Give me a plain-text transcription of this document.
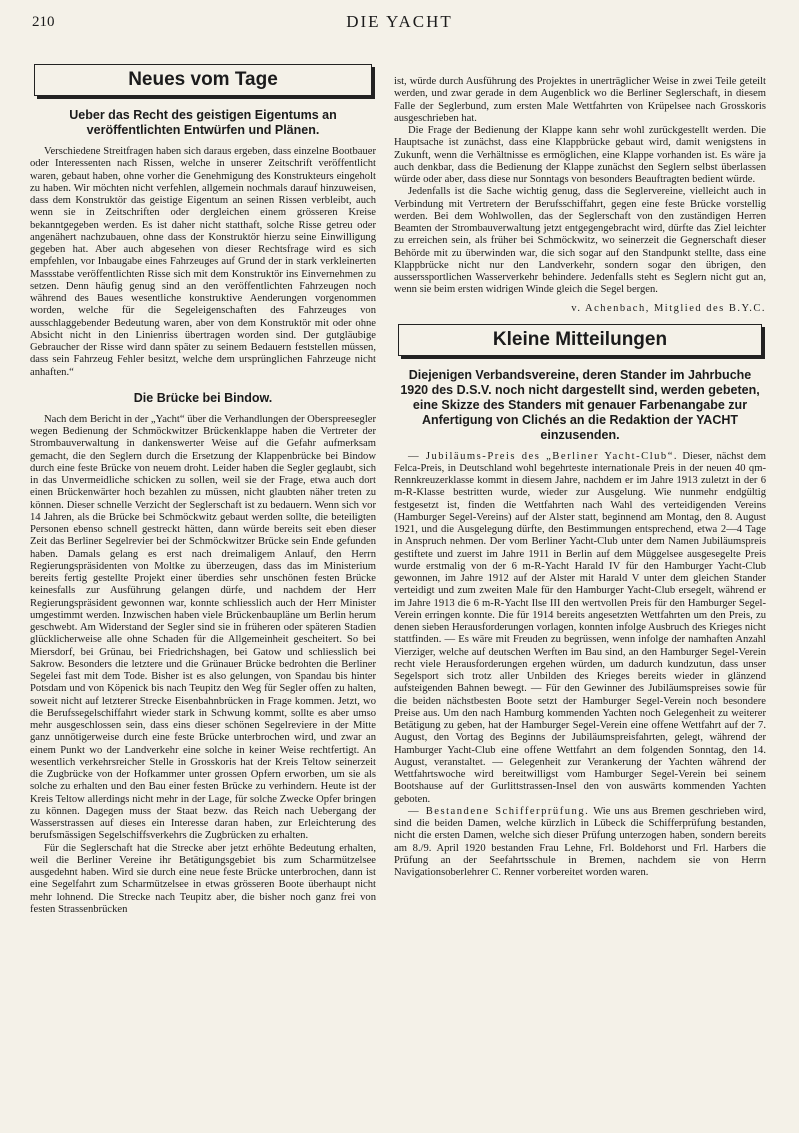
210	DIE YACHT
Neues vom Tage
Ueber das Recht des geistigen Eigentums an veröffentlichten Entwürfen und Plänen.

Verschiedene Streitfragen haben sich daraus ergeben, dass einzelne Bootbauer oder Interessenten nach Rissen, welche in unserer Zeitschrift veröffentlicht waren, gebaut haben, ohne vorher die Genehmigung des Konstrukteurs eingeholt zu haben. Wir möchten nicht verfehlen, allgemein nochmals darauf hinzuweisen, dass dem Konstruktör das geistige Eigentum an seinen Rissen verbleibt, auch wenn sie in Zeitschriften oder dergleichen einem grösseren Kreise bekanntgegeben werden. Es ist daher nicht statthaft, solche Risse getreu oder angenähert nachzubauen, ohne dass der Konstruktör hierzu seine Einwilligung gegeben hat. Aber auch abgesehen von dieser Rechtsfrage wird es sich empfehlen, vor Inbaugabe eines Fahrzeuges auf Grund der in stark verkleinerten Massstabe veröffentlichten Risse sich mit dem Konstruktör ins Einvernehmen zu setzen. Denn häufig genug sind an den veröffentlichten Fahrzeugen noch während des Baues wesentliche konstruktive Aenderungen vorgenommen worden, welche für die Segeleigenschaften des Fahrzeuges von ausschlaggebender Bedeutung waren, aber von dem Konstruktör mit oder ohne Absicht nicht in den Linienriss übertragen worden sind. Der gutgläubige Gebraucher der Risse wird dann später zu seinem Bedauern feststellen müssen, dass sein Fahrzeug Fehler besitzt, welche dem ursprünglichen Fahrzeuge nicht anhaften.“

Die Brücke bei Bindow.

Nach dem Bericht in der „Yacht“ über die Verhandlungen der Oberspreesegler wegen Bedienung der Schmöckwitzer Brückenklappe haben die Vertreter der Strombauverwaltung in dankenswerter Weise auf die Gefahr aufmerksam gemacht, die den Seglern durch die Ersetzung der Klappenbrücke bei Bindow durch eine feste Brücke von neuem droht. Leider haben die Segler geglaubt, sich in das Unvermeidliche schicken zu sollen, weil sie der Frage, etwa auch dort einen Brückenwärter hoch bezahlen zu müssen, nicht glaubten näher treten zu können. Dieser schnelle Verzicht der Seglerschaft ist zu bedauern. Wenn sich vor 14 Jahren, als die Brücke bei Schmöckwitz gebaut werden sollte, die beteiligten Personen ebenso schnell gestreckt hätten, dann würde bereits seit eben dieser Zeit das Berliner Segelrevier bei der Schmöckwitzer Brücke sein Ende gefunden haben. Damals gelang es erst nach dreimaligem Anlauf, den Herrn Regierungspräsidenten von Moltke zu überzeugen, dass das im Ministerium bereits fertig gestellte Projekt einer überdies sehr unschönen festen Brücke keinesfalls zur Ausführung gelangen dürfe, und nachdem der Herr Regierungspräsident gewonnen war, konnte schliesslich auch der Herr Minister umgestimmt werden. Inzwischen haben viele Brückenbaupläne um Berlin herum geschwebt. Am Widerstand der Segler sind sie in früheren oder späteren Stadien glücklicherweise alle ohne Schaden für die Allgemeinheit gescheitert. So bei Miersdorf, bei Grünau, bei Friedrichshagen, bei Gatow und schliesslich bei Sakrow. Besonders die letztere und die Grünauer Brücke bedrohten die Berliner Segelei fast mit dem Tode. Bisher ist es also gelungen, von Spandau bis hinter Potsdam und von Köpenick bis nach Teupitz den Weg für Segler offen zu halten, soweit nicht auf letzterer Strecke Eisenbahnbrücken in Frage kommen. Jetzt, wo die Berufssegelschiffahrt wieder stark in Schwung kommt, sollte es aber umso mehr ausgeschlossen sein, dass eins dieser schönen Segelreviere in der Mitte ganz unnötigerweise durch eine feste Brücke unterbrochen wird, und zwar an einem Punkt wo der Landverkehr eine solche in keiner Weise rechtfertigt. An wesentlich verkehrsreicher Stelle in Grosskoris hat der Kreis Teltow seinerzeit die Zugbrücke von der Hofkammer unter grossen Opfern erworben, um sie als solche zu erhalten und den Bau einer festen Brücke zu verhindern. Heute ist der Kreis Teltow allerdings nicht mehr in der Lage, für solche Zwecke Opfer bringen zu können. Dagegen muss der Staat bezw. das Reich nach Uebergang der Wasserstrassen auf dieses ein Interesse daran haben, zur Erleichterung des berufsmässigen Segelschiffsverkehrs die Zugbrücken zu erhalten.

Für die Seglerschaft hat die Strecke aber jetzt erhöhte Bedeutung erhalten, weil die Berliner Vereine ihr Betätigungsgebiet bis zum Scharmützelsee ausgedehnt haben. Wird sie durch eine neue feste Brücke unterbrochen, dann ist eine Segelfahrt zum Scharmützelsee in etwas grösseren Boote überhaupt nicht mehr lohnend. Die Strecke nach Teupitz aber, die bisher noch ganz frei von festen Strassenbrücken

ist, würde durch Ausführung des Projektes in unerträglicher Weise in zwei Teile geteilt werden, und zwar gerade in dem Augenblick wo die Berliner Seglerschaft, in diesem Falle der Seglerbund, zum ersten Male Wettfahrten von Krüpelsee nach Grosskoris ausgeschrieben hat.

Die Frage der Bedienung der Klappe kann sehr wohl zurückgestellt werden. Die Hauptsache ist zunächst, dass eine Klappbrücke gebaut wird, damit wenigstens in Zukunft, wenn die Verhältnisse es ermöglichen, eine Klappe vorhanden ist. Es wäre ja auch denkbar, dass die Bedienung der Klappe zunächst den Seglern selbst überlassen würde oder aber, dass diese nur Sonntags von besonders Beauftragten bedient würde.

Jedenfalls ist die Sache wichtig genug, dass die Seglervereine, vielleicht auch in Verbindung mit Vertretern der Berufsschiffahrt, gegen eine feste Brücke vorstellig werden. Bei dem Wohlwollen, das der Seglerschaft von den zuständigen Herren Beamten der Strombauverwaltung jetzt entgegengebracht wird, dürfte das Ziel leichter zu erreichen sein, als früher bei Schmöckwitz, wo seinerzeit die Gegnerschaft dieser Behörde mit zu überwinden war, die sich sogar auf den Standpunkt stellte, dass eine Klappbrücke nicht nur den Landverkehr, sondern sogar den übrigen, den ausserssportlichen Wasserverkehr behindere. Jedenfalls steht es Seglern nicht gut an, wenn sie beim ersten widrigen Winde gleich die Segel bergen.

v. Achenbach, Mitglied des B.Y.C.
Kleine Mitteilungen
Diejenigen Verbandsvereine, deren Stander im Jahrbuche 1920 des D.S.V. noch nicht dargestellt sind, werden gebeten, eine Skizze des Standers mit genauer Farbenangabe zur Anfertigung von Clichés an die Redaktion der YACHT einzusenden.

— Jubiläums-Preis des „Berliner Yacht-Club“. Dieser, nächst dem Felca-Preis, in Deutschland wohl begehrteste internationale Preis in der neuen 40 qm-Rennkreuzerklasse kommt in diesem Jahre, nachdem er im Jahre 1913 zuletzt in der 6 m-R-Klasse bestritten wurde, wieder zur Ausgelung. Wie nunmehr endgültig festgesetzt ist, finden die Wettfahrten nach Wahl des verteidigenden Vereins (Hamburger Segel-Vereins) auf der Alster statt, beginnend am Montag, den 8. August 1921, und die Ausgelegung dürfte, den Bestimmungen entsprechend, etwa 2—4 Tage in Anspruch nehmen. Der vom Berliner Yacht-Club unter dem Namen Jubiläumspreis gestiftete und zuerst im Jahre 1911 in Berlin auf dem Müggelsee ausgesegelte Preis wurde erstmalig von der 6 m-R-Yacht Harald IV für den Hamburger Yacht-Club gewonnen, im Jahre 1912 auf der Alster mit Harald V unter dem gleichen Stander verteidigt und zum zweiten Male für den Hamburger Yacht-Club ersegelt, während er im Jahre 1913 die 6 m-R-Yacht Ilse III den wertvollen Preis für den Hamburger Segel-Verein erringen konnte. Die für 1914 bereits angesetzten Wettfahrten um den Preis, zu denen sieben Herausforderungen vorlagen, konnten infolge Ausbruch des Krieges nicht stattfinden. — Es wäre mit Freuden zu begrüssen, wenn infolge der namhaften Anzahl Vierziger, welche auf deutschen Werften im Bau sind, an den Hamburger Segel-Verein recht viele Herausforderungen ergehen würden, um dadurch kundzutun, dass unser Segelsport sich trotz aller Unbilden des Krieges bereits wieder in glänzend aufsteigenden Bahnen bewegt. — Für den Gewinner des Jubiläumspreises sowie für die beiden nächstbesten Boote setzt der Hamburger Segel-Verein noch besondere Preise aus. Um den nach Hamburg kommenden Yachten noch Gelegenheit zu weiterer Betätigung zu geben, hat der Hamburger Segel-Verein eine offene Wettfahrt auf der 7. August, den Vortag des Beginns der Jubiläumspreisfahrten, gelegt, während der Hamburger Yacht-Club eine offene Wettfahrt an dem folgenden Sonntag, den 14. August, veranstaltet. — Gelegenheit zur Verankerung der Yachten während der Wettfahrtswoche wird bereitwilligst vom Hamburger Segel-Verein bei seinem Bootshause auf der Gurlittstrassen-Insel den von auswärts kommenden Yachten geboten.

— Bestandene Schifferprüfung. Wie uns aus Bremen geschrieben wird, sind die beiden Damen, welche kürzlich in Lübeck die Schifferprüfung bestanden, nicht die ersten Damen, welche sich dieser Prüfung unterzogen haben, sondern bereits am 8./9. April 1920 bestanden Frau Lehne, Frl. Boldehorst und Frl. Harbers die Prüfung an der Seefahrtsschule in Bremen, nachdem sie von Herrn Navigationsoberlehrer C. Renner vorbereitet worden waren.
